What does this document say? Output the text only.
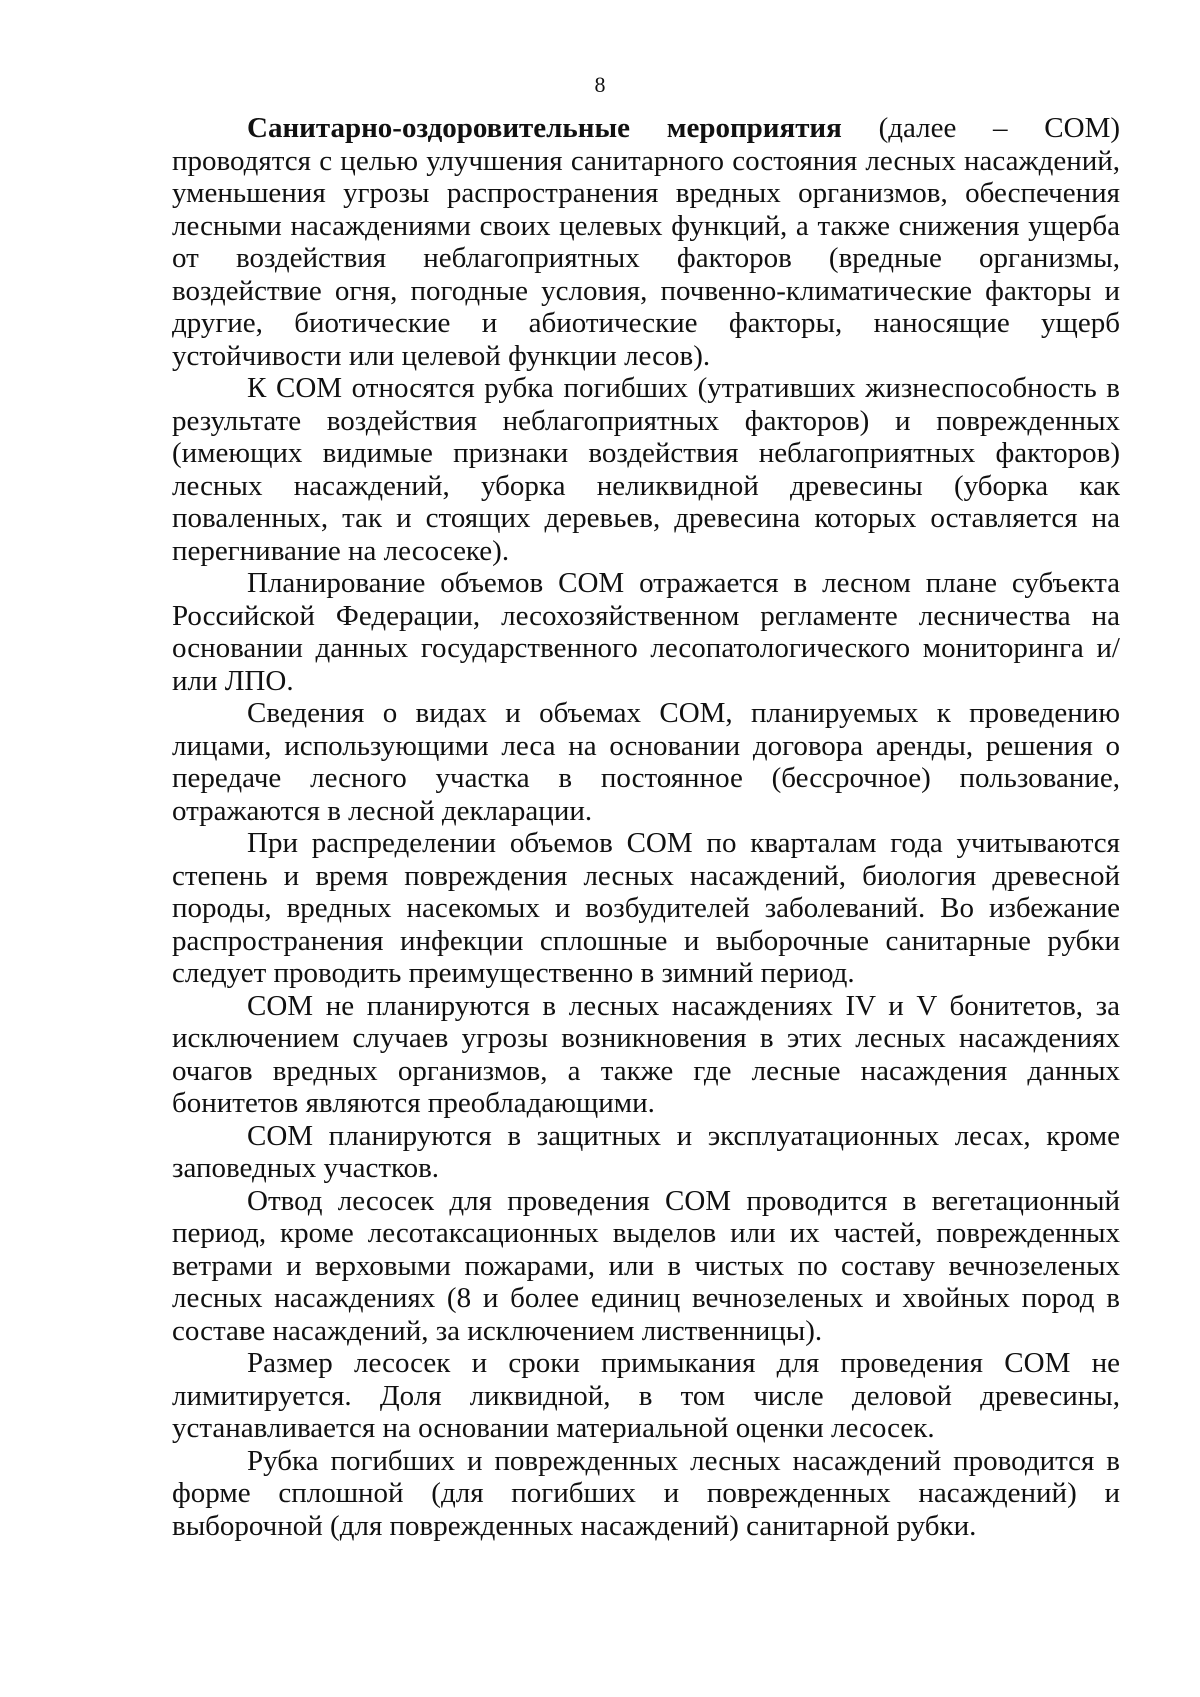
8

Санитарно-оздоровительные мероприятия (далее – СОМ) проводятся с целью улучшения санитарного состояния лесных насаждений, уменьшения угрозы распространения вредных организмов, обеспечения лесными насаждениями своих целевых функций, а также снижения ущерба от воздействия неблагоприятных факторов (вредные организмы, воздействие огня, погодные условия, почвенно-климатические факторы и другие, биотические и абиотические факторы, наносящие ущерб устойчивости или целевой функции лесов).

К СОМ относятся рубка погибших (утративших жизнеспособность в результате воздействия неблагоприятных факторов) и поврежденных (имеющих видимые признаки воздействия неблагоприятных факторов) лесных насаждений, уборка неликвидной древесины (уборка как поваленных, так и стоящих деревьев, древесина которых оставляется на перегнивание на лесосеке).

Планирование объемов СОМ отражается в лесном плане субъекта Российской Федерации, лесохозяйственном регламенте лесничества на основании данных государственного лесопатологического мониторинга и/или ЛПО.

Сведения о видах и объемах СОМ, планируемых к проведению лицами, использующими леса на основании договора аренды, решения о передаче лесного участка в постоянное (бессрочное) пользование, отражаются в лесной декларации.

При распределении объемов СОМ по кварталам года учитываются степень и время повреждения лесных насаждений, биология древесной породы, вредных насекомых и возбудителей заболеваний. Во избежание распространения инфекции сплошные и выборочные санитарные рубки следует проводить преимущественно в зимний период.

СОМ не планируются в лесных насаждениях IV и V бонитетов, за исключением случаев угрозы возникновения в этих лесных насаждениях очагов вредных организмов, а также где лесные насаждения данных бонитетов являются преобладающими.

СОМ планируются в защитных и эксплуатационных лесах, кроме заповедных участков.

Отвод лесосек для проведения СОМ проводится в вегетационный период, кроме лесотаксационных выделов или их частей, поврежденных ветрами и верховыми пожарами, или в чистых по составу вечнозеленых лесных насаждениях (8 и более единиц вечнозеленых и хвойных пород в составе насаждений, за исключением лиственницы).

Размер лесосек и сроки примыкания для проведения СОМ не лимитируется. Доля ликвидной, в том числе деловой древесины, устанавливается на основании материальной оценки лесосек.

Рубка погибших и поврежденных лесных насаждений проводится в форме сплошной (для погибших и поврежденных насаждений) и выборочной (для поврежденных насаждений) санитарной рубки.
